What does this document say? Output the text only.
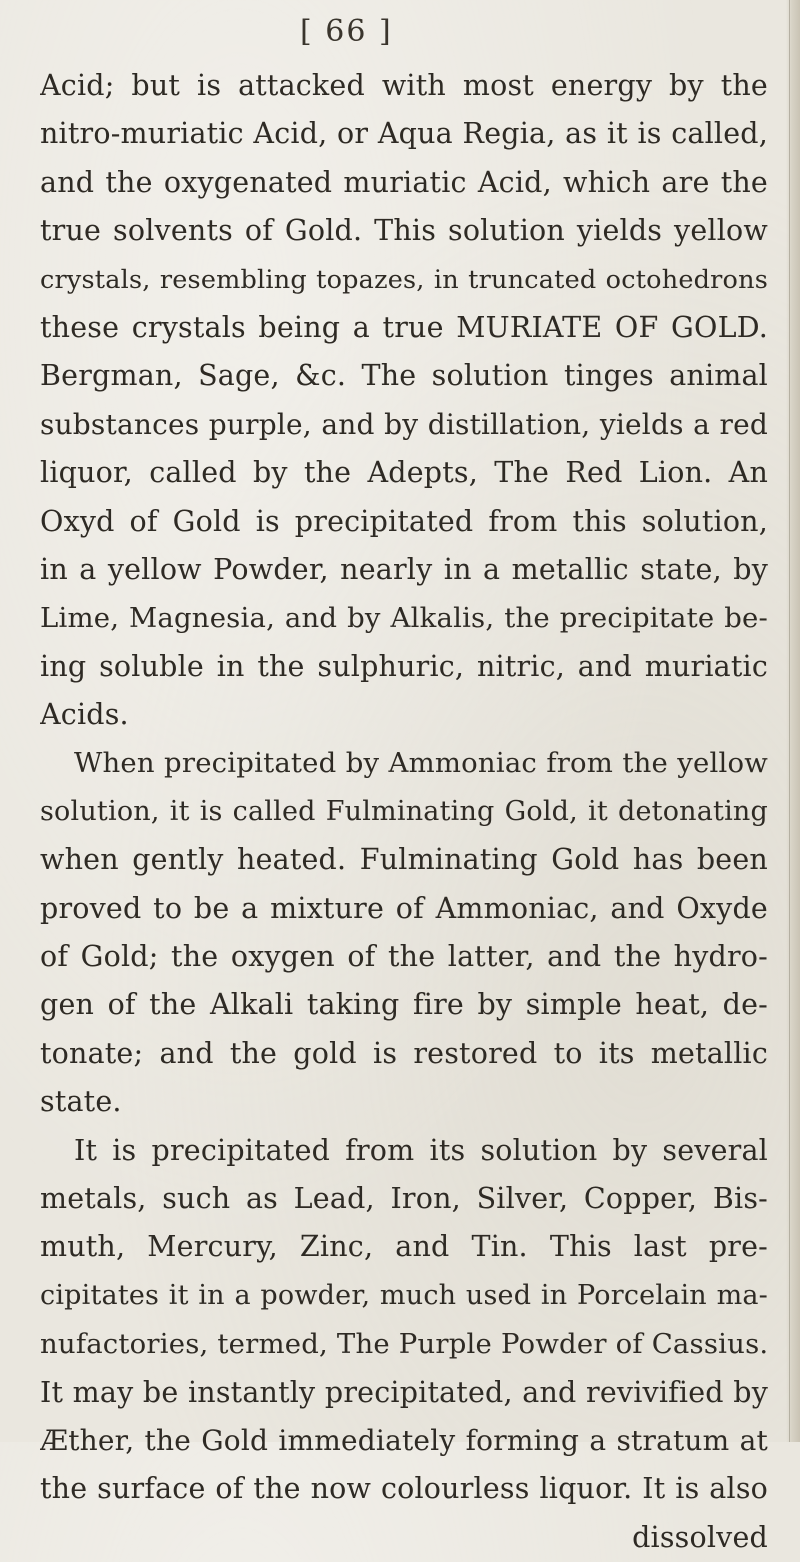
[ 66 ]
Acid; but is attacked with most energy by the
nitro-muriatic Acid, or Aqua Regia, as it is called,
and the oxygenated muriatic Acid, which are the
true solvents of Gold. This solution yields yellow
crystals, resembling topazes, in truncated octohedrons
these crystals being a true MURIATE OF GOLD.
Bergman, Sage, &c. The solution tinges animal
substances purple, and by distillation, yields a red
liquor, called by the Adepts, The Red Lion. An
Oxyd of Gold is precipitated from this solution,
in a yellow Powder, nearly in a metallic state, by
Lime, Magnesia, and by Alkalis, the precipitate be-
ing soluble in the sulphuric, nitric, and muriatic
Acids.
When precipitated by Ammoniac from the yellow
solution, it is called Fulminating Gold, it detonating
when gently heated. Fulminating Gold has been
proved to be a mixture of Ammoniac, and Oxyde
of Gold; the oxygen of the latter, and the hydro-
gen of the Alkali taking fire by simple heat, de-
tonate; and the gold is restored to its metallic
state.
It is precipitated from its solution by several
metals, such as Lead, Iron, Silver, Copper, Bis-
muth, Mercury, Zinc, and Tin. This last pre-
cipitates it in a powder, much used in Porcelain ma-
nufactories, termed, The Purple Powder of Cassius.
It may be instantly precipitated, and revivified by
Æther, the Gold immediately forming a stratum at
the surface of the now colourless liquor. It is also
dissolved
